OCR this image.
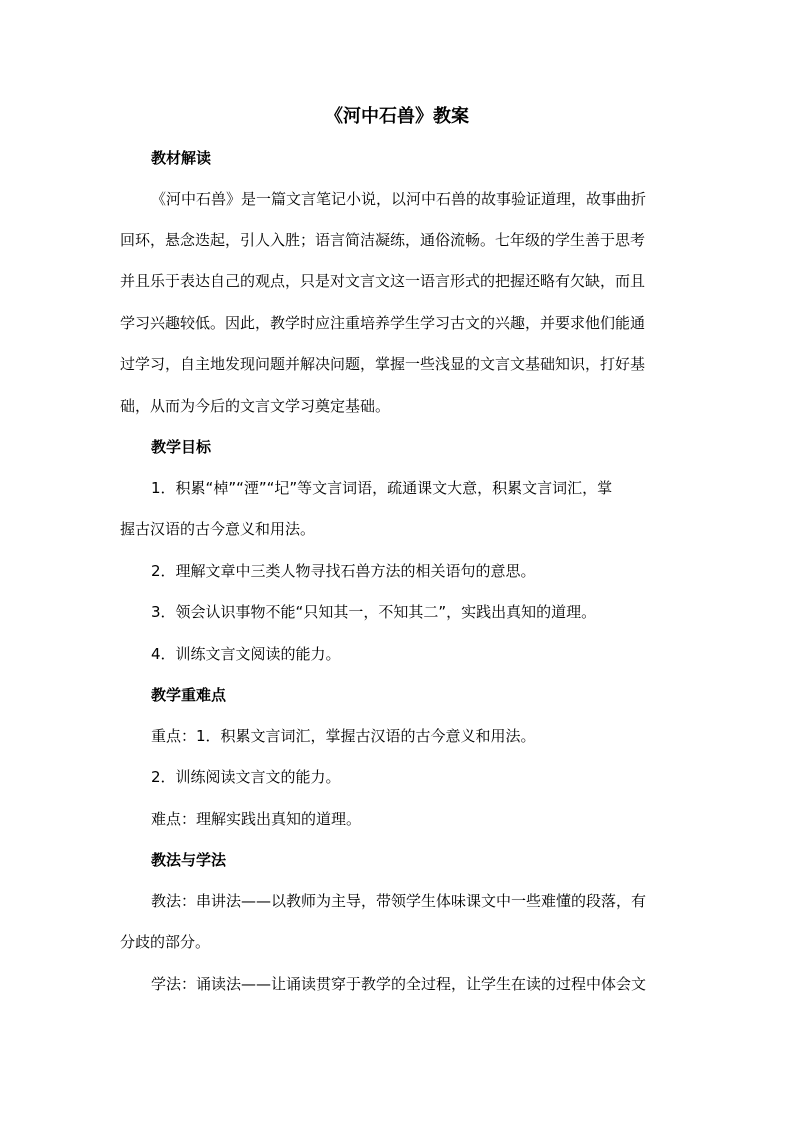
《河中石兽》教案
教材解读
《河中石兽》是一篇文言笔记小说，以河中石兽的故事验证道理，故事曲折
回环，悬念迭起，引人入胜；语言简洁凝练，通俗流畅。七年级的学生善于思考
并且乐于表达自己的观点，只是对文言文这一语言形式的把握还略有欠缺，而且
学习兴趣较低。因此，教学时应注重培养学生学习古文的兴趣，并要求他们能通
过学习，自主地发现问题并解决问题，掌握一些浅显的文言文基础知识，打好基
础，从而为今后的文言文学习奠定基础。
教学目标
1．积累“棹”“湮”“圮”等文言词语，疏通课文大意，积累文言词汇，掌
握古汉语的古今意义和用法。
2．理解文章中三类人物寻找石兽方法的相关语句的意思。
3．领会认识事物不能“只知其一，不知其二”，实践出真知的道理。
4．训练文言文阅读的能力。
教学重难点
重点：1．积累文言词汇，掌握古汉语的古今意义和用法。
2．训练阅读文言文的能力。
难点：理解实践出真知的道理。
教法与学法
教法：串讲法——以教师为主导，带领学生体味课文中一些难懂的段落，有
分歧的部分。
学法：诵读法——让诵读贯穿于教学的全过程，让学生在读的过程中体会文
